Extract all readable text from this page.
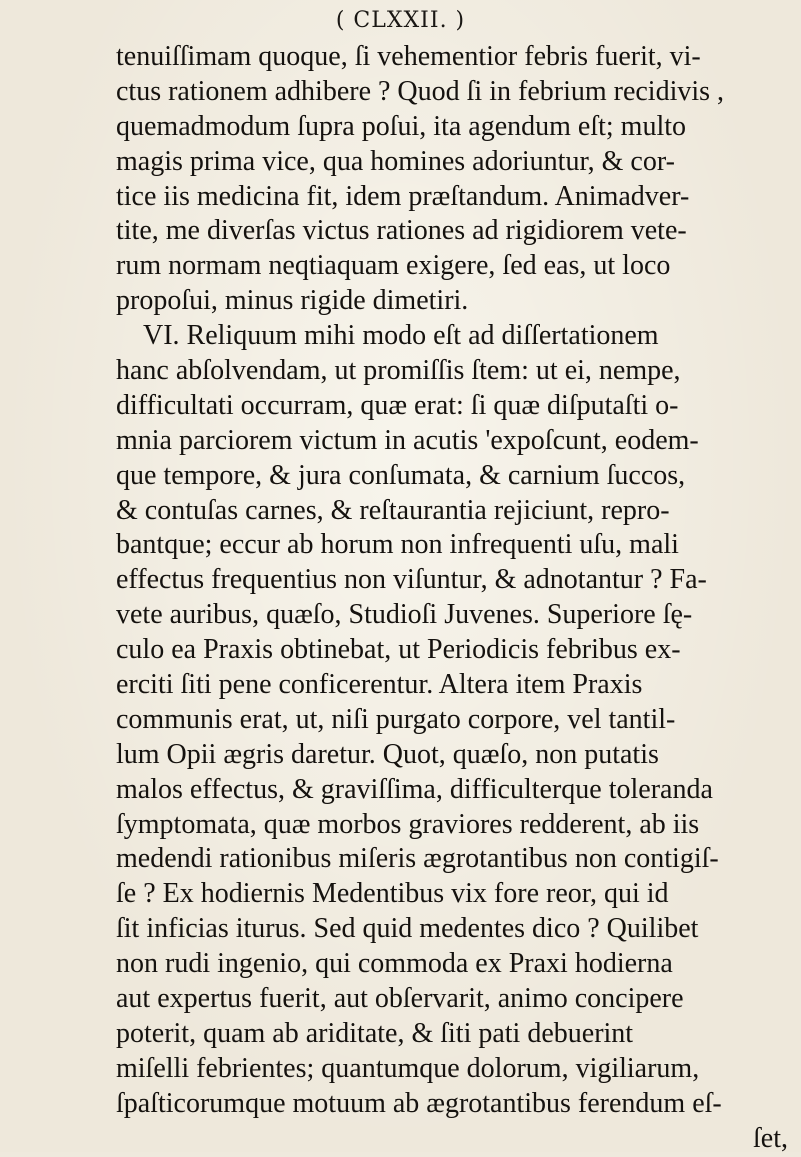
( CLXXII. )
tenuiſſimam quoque, ſi vehementior febris fuerit, vi-
ctus rationem adhibere ? Quod ſi in febrium recidivis ,
quemadmodum ſupra poſui, ita agendum eſt; multo
magis prima vice, qua homines adoriuntur, & cor-
tice iis medicina fit, idem præſtandum. Animadver-
tite, me diverſas victus rationes ad rigidiorem vete-
rum normam neqtiaquam exigere, ſed eas, ut loco
propoſui, minus rigide dimetiri.
VI. Reliquum mihi modo eſt ad diſſertationem
hanc abſolvendam, ut promiſſis ſtem: ut ei, nempe,
difficultati occurram, quæ erat: ſi quæ diſputaſti o-
mnia parciorem victum in acutis 'expoſcunt, eodem-
que tempore, & jura conſumata, & carnium ſuccos,
& contuſas carnes, & reſtaurantia rejiciunt, repro-
bantque; eccur ab horum non infrequenti uſu, mali
effectus frequentius non viſuntur, & adnotantur ? Fa-
vete auribus, quæſo, Studioſi Juvenes. Superiore ſę-
culo ea Praxis obtinebat, ut Periodicis febribus ex-
erciti ſiti pene conficerentur. Altera item Praxis
communis erat, ut, niſi purgato corpore, vel tantil-
lum Opii ægris daretur. Quot, quæſo, non putatis
malos effectus, & graviſſima, difficulterque toleranda
ſymptomata, quæ morbos graviores redderent, ab iis
medendi rationibus miſeris ægrotantibus non contigiſ-
ſe ? Ex hodiernis Medentibus vix fore reor, qui id
ſit inficias iturus. Sed quid medentes dico ? Quilibet
non rudi ingenio, qui commoda ex Praxi hodierna
aut expertus fuerit, aut obſervarit, animo concipere
poterit, quam ab ariditate, & ſiti pati debuerint
miſelli febrientes; quantumque dolorum, vigiliarum,
ſpaſticorumque motuum ab ægrotantibus ferendum eſ-
ſet,
